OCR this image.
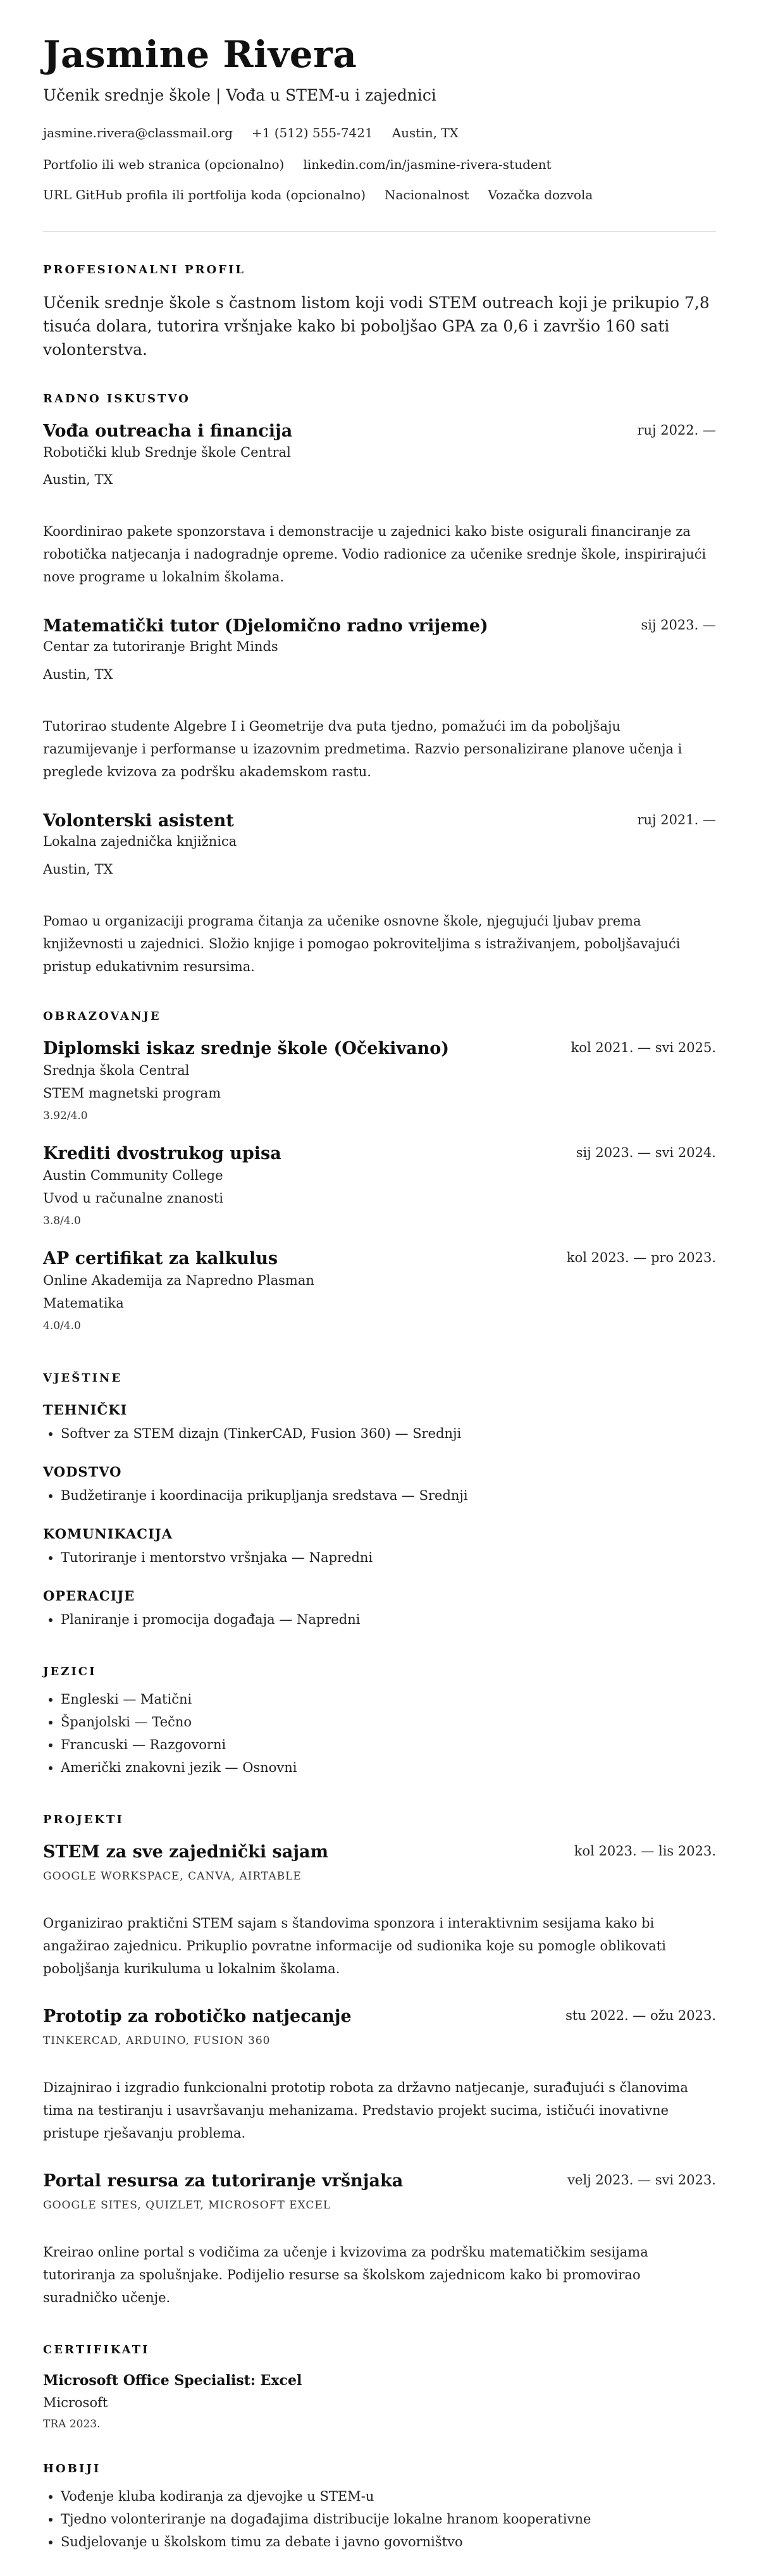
Jasmine Rivera

Učenik srednje škole | Vođa u STEM-u i zajednici

jasmine.rivera@classmail.org +1 (512) 555-7421 Austin, TX
Portfolio ili web stranica (opcionalno) linkedin.com/in/jasmine-rivera-student
URL GitHub profila ili portfolija koda (opcionalno) Nacionalnost Vozačka dozvola
PROFESIONALNI PROFIL

Učenik srednje škole s častnom listom koji vodi STEM outreach koji je prikupio 7,8 tisuća dolara, tutorira vršnjake kako bi poboljšao GPA za 0,6 i završio 160 sati volonterstva.

RADNO ISKUSTVO
Vođa outreacha i financija	ruj 2022. —
Robotički klub Srednje škole Central
Austin, TX

Koordinirao pakete sponzorstava i demonstracije u zajednici kako biste osigurali financiranje za robotička natjecanja i nadogradnje opreme. Vodio radionice za učenike srednje škole, inspirirajući nove programe u lokalnim školama.

Matematički tutor (Djelomično radno vrijeme)	sij 2023. —
Centar za tutoriranje Bright Minds
Austin, TX

Tutorirao studente Algebre I i Geometrije dva puta tjedno, pomažući im da poboljšaju razumijevanje i performanse u izazovnim predmetima. Razvio personalizirane planove učenja i preglede kvizova za podršku akademskom rastu.

Volonterski asistent	ruj 2021. —
Lokalna zajednička knjižnica
Austin, TX

Pomao u organizaciji programa čitanja za učenike osnovne škole, njegujući ljubav prema književnosti u zajednici. Složio knjige i pomogao pokroviteljima s istraživanjem, poboljšavajući pristup edukativnim resursima.

OBRAZOVANJE
Diplomski iskaz srednje škole (Očekivano)	kol 2021. — svi 2025.
Srednja škola Central
STEM magnetski program
3.92/4.0
Krediti dvostrukog upisa	sij 2023. — svi 2024.
Austin Community College
Uvod u računalne znanosti
3.8/4.0
AP certifikat za kalkulus	kol 2023. — pro 2023.
Online Akademija za Napredno Plasman
Matematika
4.0/4.0
VJEŠTINE
TEHNIČKI
• Softver za STEM dizajn (TinkerCAD, Fusion 360) — Srednji
VODSTVO
• Budžetiranje i koordinacija prikupljanja sredstava — Srednji
KOMUNIKACIJA
• Tutoriranje i mentorstvo vršnjaka — Napredni
OPERACIJE
• Planiranje i promocija događaja — Napredni
JEZICI
• Engleski — Matični
• Španjolski — Tečno
• Francuski — Razgovorni
• Američki znakovni jezik — Osnovni
PROJEKTI
STEM za sve zajednički sajam	kol 2023. — lis 2023.
GOOGLE WORKSPACE, CANVA, AIRTABLE

Organizirao praktični STEM sajam s štandovima sponzora i interaktivnim sesijama kako bi angažirao zajednicu. Prikuplio povratne informacije od sudionika koje su pomogle oblikovati poboljšanja kurikuluma u lokalnim školama.

Prototip za robotičko natjecanje	stu 2022. — ožu 2023.
TINKERCAD, ARDUINO, FUSION 360

Dizajnirao i izgradio funkcionalni prototip robota za državno natjecanje, surađujući s članovima tima na testiranju i usavršavanju mehanizama. Predstavio projekt sucima, ističući inovativne pristupe rješavanju problema.

Portal resursa za tutoriranje vršnjaka	velj 2023. — svi 2023.
GOOGLE SITES, QUIZLET, MICROSOFT EXCEL

Kreirao online portal s vodičima za učenje i kvizovima za podršku matematičkim sesijama tutoriranja za spolušnjake. Podijelio resurse sa školskom zajednicom kako bi promovirao suradničko učenje.

CERTIFIKATI
Microsoft Office Specialist: Excel
Microsoft
TRA 2023.
HOBIJI
• Vođenje kluba kodiranja za djevojke u STEM-u
• Tjedno volonteriranje na događajima distribucije lokalne hranom kooperativne
• Sudjelovanje u školskom timu za debate i javno govorništvo
